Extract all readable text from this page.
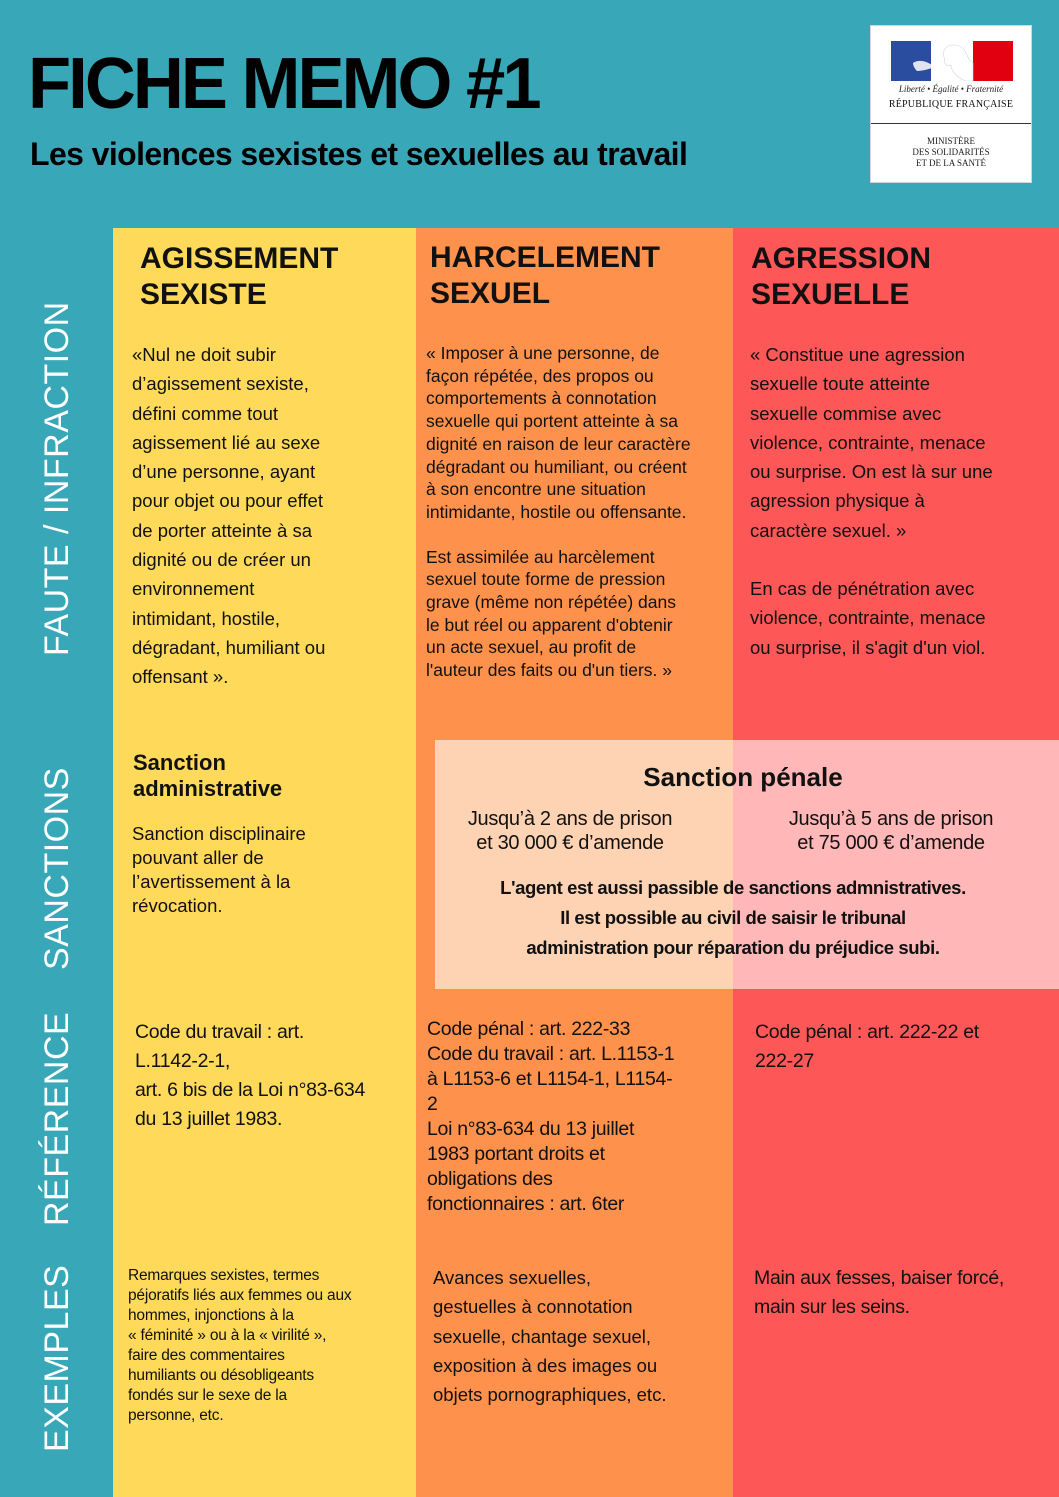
FICHE MEMO #1
Les violences sexistes et sexuelles au travail
Liberté • Égalité • Fraternité
RÉPUBLIQUE FRANÇAISE
MINISTÈRE
DES SOLIDARITÉS
ET DE LA SANTÉ
FAUTE / INFRACTION
SANCTIONS
RÉFÉRENCE
EXEMPLES
AGISSEMENT
SEXISTE
«Nul ne doit subir
d’agissement sexiste,
défini comme tout
agissement lié au sexe
d’une personne, ayant
pour objet ou pour effet
de porter atteinte à sa
dignité ou de créer un
environnement
intimidant, hostile,
dégradant, humiliant ou
offensant ».
HARCELEMENT
SEXUEL
« Imposer à une personne, de
façon répétée, des propos ou
comportements à connotation
sexuelle qui portent atteinte à sa
dignité en raison de leur caractère
dégradant ou humiliant, ou créent
à son encontre une situation
intimidante, hostile ou offensante.
Est assimilée au harcèlement
sexuel toute forme de pression
grave (même non répétée) dans
le but réel ou apparent d'obtenir
un acte sexuel, au profit de
l'auteur des faits ou d'un tiers. »
AGRESSION
SEXUELLE
« Constitue une agression
sexuelle toute atteinte
sexuelle commise avec
violence, contrainte, menace
ou surprise. On est là sur une
agression physique à
caractère sexuel. »
En cas de pénétration avec
violence, contrainte, menace
ou surprise, il s'agit d'un viol.
Sanction
administrative
Sanction disciplinaire
pouvant aller de
l’avertissement à la
révocation.
Sanction pénale
Jusqu’à 2 ans de prison
et 30 000 € d’amende
Jusqu’à 5 ans de prison
et 75 000 € d’amende
L'agent est aussi passible de sanctions admnistratives.
Il est possible au civil de saisir le tribunal
administration pour réparation du préjudice subi.
Code du travail : art.
L.1142-2-1,
art. 6 bis de la Loi n°83-634
du 13 juillet 1983.
Code pénal : art. 222-33
Code du travail : art. L.1153-1
à L1153-6 et L1154-1, L1154-
2
Loi n°83-634 du 13 juillet
1983 portant droits et
obligations des
fonctionnaires : art. 6ter
Code pénal : art. 222-22 et
222-27
Remarques sexistes, termes
péjoratifs liés aux femmes ou aux
hommes, injonctions à la
« féminité » ou à la « virilité »,
faire des commentaires
humiliants ou désobligeants
fondés sur le sexe de la
personne, etc.
Avances sexuelles,
gestuelles à connotation
sexuelle, chantage sexuel,
exposition à des images ou
objets pornographiques, etc.
Main aux fesses, baiser forcé,
main sur les seins.
